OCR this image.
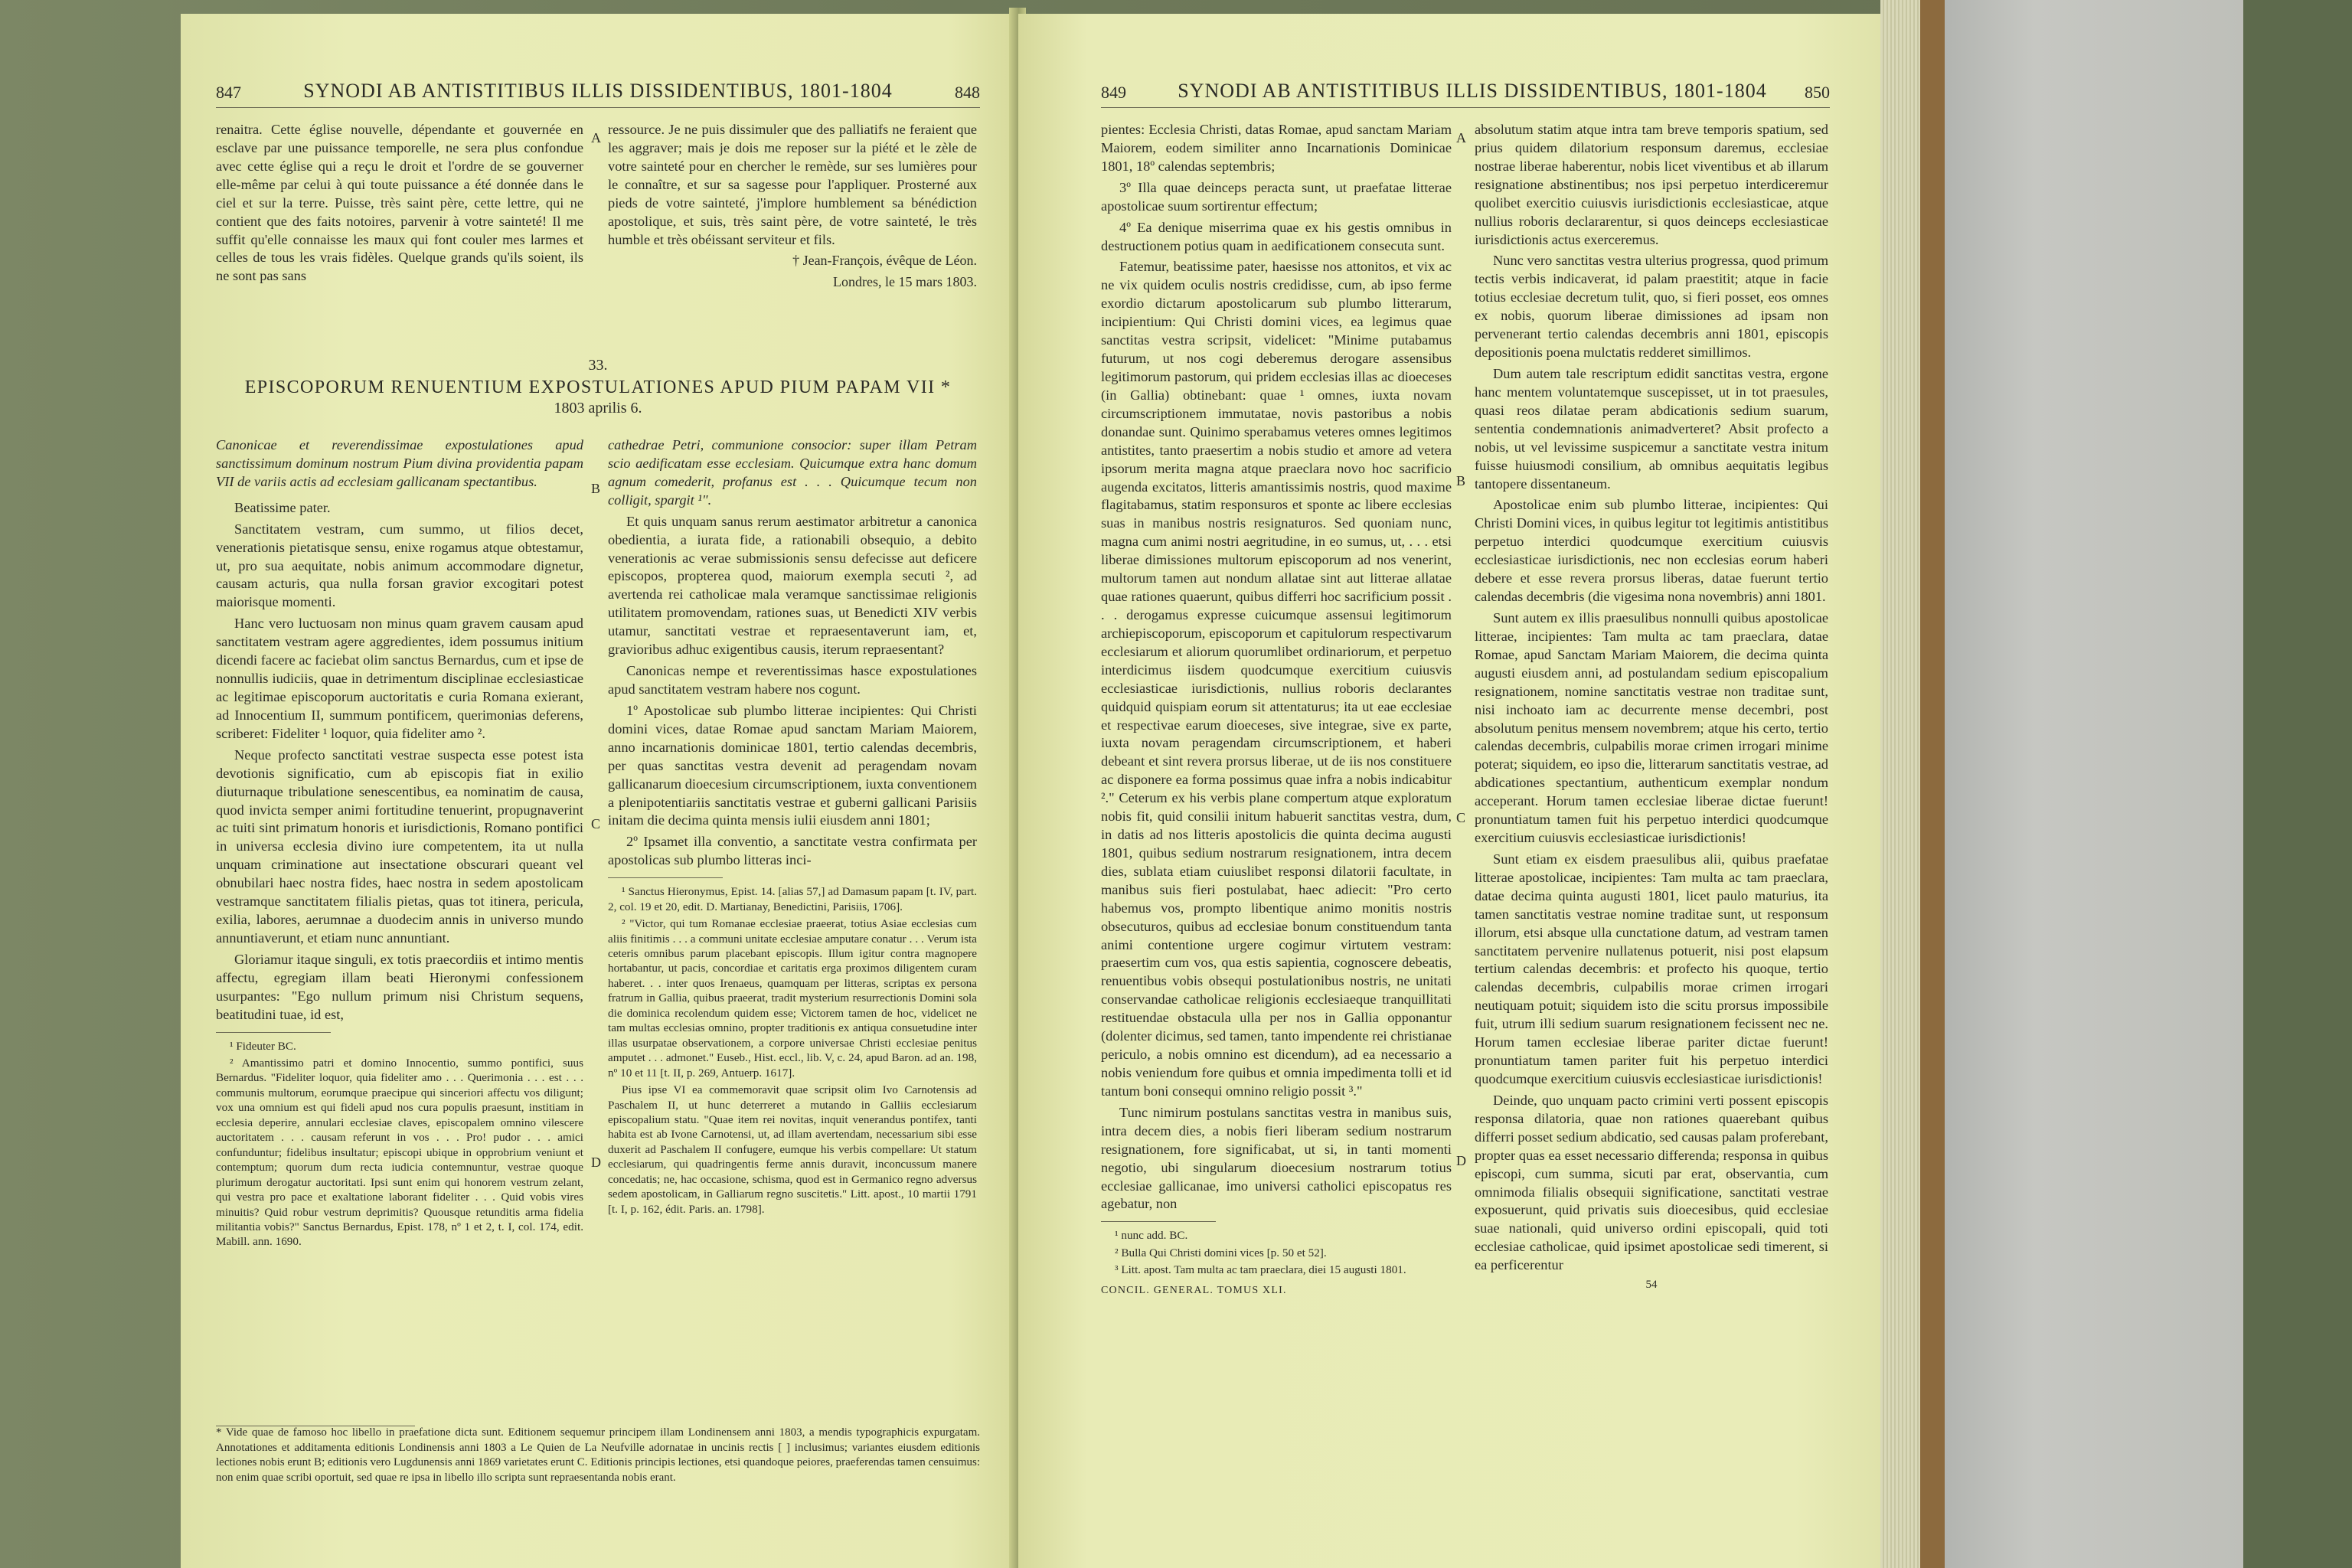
847	SYNODI AB ANTISTITIBUS ILLIS DISSIDENTIBUS, 1801-1804	848

renaitra. Cette église nouvelle, dépendante et gouvernée en esclave par une puissance temporelle, ne sera plus confondue avec cette église qui a reçu le droit et l'ordre de se gouverner elle-même par celui à qui toute puissance a été donnée dans le ciel et sur la terre. Puisse, très saint père, cette lettre, qui ne contient que des faits notoires, parvenir à votre sainteté! Il me suffit qu'elle connaisse les maux qui font couler mes larmes et celles de tous les vrais fidèles. Quelque grands qu'ils soient, ils ne sont pas sans

ressource. Je ne puis dissimuler que des palliatifs ne feraient que les aggraver; mais je dois me reposer sur la piété et le zèle de votre sainteté pour en chercher le remède, sur ses lumières pour le connaître, et sur sa sagesse pour l'appliquer. Prosterné aux pieds de votre sainteté, j'implore humblement sa bénédiction apostolique, et suis, très saint père, de votre sainteté, le très humble et très obéissant serviteur et fils.

† Jean-François, évêque de Léon.

Londres, le 15 mars 1803.

33.
EPISCOPORUM RENUENTIUM EXPOSTULATIONES APUD PIUM PAPAM VII *
1803 aprilis 6.

Canonicae et reverendissimae expostulationes apud sanctissimum dominum nostrum Pium divina providentia papam VII de variis actis ad ecclesiam gallicanam spectantibus.

Beatissime pater.

Sanctitatem vestram, cum summo, ut filios decet, venerationis pietatisque sensu, enixe rogamus atque obtestamur, ut, pro sua aequitate, nobis animum accommodare dignetur, causam acturis, qua nulla forsan gravior excogitari potest maiorisque momenti.

Hanc vero luctuosam non minus quam gravem causam apud sanctitatem vestram agere aggredientes, idem possumus initium dicendi facere ac faciebat olim sanctus Bernardus, cum et ipse de nonnullis iudiciis, quae in detrimentum disciplinae ecclesiasticae ac legitimae episcoporum auctoritatis e curia Romana exierant, ad Innocentium II, summum pontificem, querimonias deferens, scriberet: Fideliter ¹ loquor, quia fideliter amo ².

Neque profecto sanctitati vestrae suspecta esse potest ista devotionis significatio, cum ab episcopis fiat in exilio diuturnaque tribulatione senescentibus, ea nominatim de causa, quod invicta semper animi fortitudine tenuerint, propugnaverint ac tuiti sint primatum honoris et iurisdictionis, Romano pontifici in universa ecclesia divino iure competentem, ita ut nulla unquam criminatione aut insectatione obscurari queant vel obnubilari haec nostra fides, haec nostra in sedem apostolicam vestramque sanctitatem filialis pietas, quas tot itinera, pericula, exilia, labores, aerumnae a duodecim annis in universo mundo annuntiaverunt, et etiam nunc annuntiant.

Gloriamur itaque singuli, ex totis praecordiis et intimo mentis affectu, egregiam illam beati Hieronymi confessionem usurpantes: "Ego nullum primum nisi Christum sequens, beatitudini tuae, id est,

¹ Fideuter BC.

² Amantissimo patri et domino Innocentio, summo pontifici, suus Bernardus. "Fideliter loquor, quia fideliter amo . . . Querimonia . . . est . . . communis multorum, eorumque praecipue qui sinceriori affectu vos diligunt; vox una omnium est qui fideli apud nos cura populis praesunt, institiam in ecclesia deperire, annulari ecclesiae claves, episcopalem omnino vilescere auctoritatem . . . causam referunt in vos . . . Pro! pudor . . . amici confunduntur; fidelibus insultatur; episcopi ubique in opprobrium veniunt et contemptum; quorum dum recta iudicia contemnuntur, vestrae quoque plurimum derogatur auctoritati. Ipsi sunt enim qui honorem vestrum zelant, qui vestra pro pace et exaltatione laborant fideliter . . . Quid vobis vires minuitis? Quid robur vestrum deprimitis? Quousque retunditis arma fidelia militantia vobis?" Sanctus Bernardus, Epist. 178, nº 1 et 2, t. I, col. 174, edit. Mabill. ann. 1690.

cathedrae Petri, communione consocior: super illam Petram scio aedificatam esse ecclesiam. Quicumque extra hanc domum agnum comederit, profanus est . . . Quicumque tecum non colligit, spargit ¹".

Et quis unquam sanus rerum aestimator arbitretur a canonica obedientia, a iurata fide, a rationabili obsequio, a debito venerationis ac verae submissionis sensu defecisse aut deficere episcopos, propterea quod, maiorum exempla secuti ², ad avertenda rei catholicae mala veramque sanctissimae religionis utilitatem promovendam, rationes suas, ut Benedicti XIV verbis utamur, sanctitati vestrae et repraesentaverunt iam, et, gravioribus adhuc exigentibus causis, iterum repraesentant?

Canonicas nempe et reverentissimas hasce expostulationes apud sanctitatem vestram habere nos cogunt.

1º Apostolicae sub plumbo litterae incipientes: Qui Christi domini vices, datae Romae apud sanctam Mariam Maiorem, anno incarnationis dominicae 1801, tertio calendas decembris, per quas sanctitas vestra devenit ad peragendam novam gallicanarum dioecesium circumscriptionem, iuxta conventionem a plenipotentiariis sanctitatis vestrae et guberni gallicani Parisiis initam die decima quinta mensis iulii eiusdem anni 1801;

2º Ipsamet illa conventio, a sanctitate vestra confirmata per apostolicas sub plumbo litteras inci-

¹ Sanctus Hieronymus, Epist. 14. [alias 57,] ad Damasum papam [t. IV, part. 2, col. 19 et 20, edit. D. Martianay, Benedictini, Parisiis, 1706].

² "Victor, qui tum Romanae ecclesiae praeerat, totius Asiae ecclesias cum aliis finitimis . . . a communi unitate ecclesiae amputare conatur . . . Verum ista ceteris omnibus parum placebant episcopis. Illum igitur contra magnopere hortabantur, ut pacis, concordiae et caritatis erga proximos diligentem curam haberet. . . inter quos Irenaeus, quamquam per litteras, scriptas ex persona fratrum in Gallia, quibus praeerat, tradit mysterium resurrectionis Domini sola die dominica recolendum quidem esse; Victorem tamen de hoc, videlicet ne tam multas ecclesias omnino, propter traditionis ex antiqua consuetudine inter illas usurpatae observationem, a corpore universae Christi ecclesiae penitus amputet . . . admonet." Euseb., Hist. eccl., lib. V, c. 24, apud Baron. ad an. 198, nº 10 et 11 [t. II, p. 269, Antuerp. 1617].

Pius ipse VI ea commemoravit quae scripsit olim Ivo Carnotensis ad Paschalem II, ut hunc deterreret a mutando in Galliis ecclesiarum episcopalium statu. "Quae item rei novitas, inquit venerandus pontifex, tanti habita est ab Ivone Carnotensi, ut, ad illam avertendam, necessarium sibi esse duxerit ad Paschalem II confugere, eumque his verbis compellare: Ut statum ecclesiarum, qui quadringentis ferme annis duravit, inconcussum manere concedatis; ne, hac occasione, schisma, quod est in Germanico regno adversus sedem apostolicam, in Galliarum regno suscitetis." Litt. apost., 10 martii 1791 [t. I, p. 162, édit. Paris. an. 1798].

A
B
C
D
* Vide quae de famoso hoc libello in praefatione dicta sunt. Editionem sequemur principem illam Londinensem anni 1803, a mendis typographicis expurgatam. Annotationes et additamenta editionis Londinensis anni 1803 a Le Quien de La Neufville adornatae in uncinis rectis [ ] inclusimus; variantes eiusdem editionis lectiones nobis erunt B; editionis vero Lugdunensis anni 1869 varietates erunt C. Editionis principis lectiones, etsi quandoque peiores, praeferendas tamen censuimus: non enim quae scribi oportuit, sed quae re ipsa in libello illo scripta sunt repraesentanda nobis erant.
849	SYNODI AB ANTISTITIBUS ILLIS DISSIDENTIBUS, 1801-1804	850

pientes: Ecclesia Christi, datas Romae, apud sanctam Mariam Maiorem, eodem similiter anno Incarnationis Dominicae 1801, 18º calendas septembris;

3º Illa quae deinceps peracta sunt, ut praefatae litterae apostolicae suum sortirentur effectum;

4º Ea denique miserrima quae ex his gestis omnibus in destructionem potius quam in aedificationem consecuta sunt.

Fatemur, beatissime pater, haesisse nos attonitos, et vix ac ne vix quidem oculis nostris credidisse, cum, ab ipso ferme exordio dictarum apostolicarum sub plumbo litterarum, incipientium: Qui Christi domini vices, ea legimus quae sanctitas vestra scripsit, videlicet: "Minime putabamus futurum, ut nos cogi deberemus derogare assensibus legitimorum pastorum, qui pridem ecclesias illas ac dioeceses (in Gallia) obtinebant: quae ¹ omnes, iuxta novam circumscriptionem immutatae, novis pastoribus a nobis donandae sunt. Quinimo sperabamus veteres omnes legitimos antistites, tanto praesertim a nobis studio et amore ad vetera ipsorum merita magna atque praeclara novo hoc sacrificio augenda excitatos, litteris amantissimis nostris, quod maxime flagitabamus, statim responsuros et sponte ac libere ecclesias suas in manibus nostris resignaturos. Sed quoniam nunc, magna cum animi nostri aegritudine, in eo sumus, ut, . . . etsi liberae dimissiones multorum episcoporum ad nos venerint, multorum tamen aut nondum allatae sint aut litterae allatae quae rationes quaerunt, quibus differri hoc sacrificium possit . . . derogamus expresse cuicumque assensui legitimorum archiepiscoporum, episcoporum et capitulorum respectivarum ecclesiarum et aliorum quorumlibet ordinariorum, et perpetuo interdicimus iisdem quodcumque exercitium cuiusvis ecclesiasticae iurisdictionis, nullius roboris declarantes quidquid quispiam eorum sit attentaturus; ita ut eae ecclesiae et respectivae earum dioeceses, sive integrae, sive ex parte, iuxta novam peragendam circumscriptionem, et haberi debeant et sint revera prorsus liberae, ut de iis nos constituere ac disponere ea forma possimus quae infra a nobis indicabitur ²." Ceterum ex his verbis plane compertum atque exploratum nobis fit, quid consilii initum habuerit sanctitas vestra, dum, in datis ad nos litteris apostolicis die quinta decima augusti 1801, quibus sedium nostrarum resignationem, intra decem dies, sublata etiam cuiuslibet responsi dilatorii facultate, in manibus suis fieri postulabat, haec adiecit: "Pro certo habemus vos, prompto libentique animo monitis nostris obsecuturos, quibus ad ecclesiae bonum constituendum tanta animi contentione urgere cogimur virtutem vestram: praesertim cum vos, qua estis sapientia, cognoscere debeatis, renuentibus vobis obsequi postulationibus nostris, ne unitati conservandae catholicae religionis ecclesiaeque tranquillitati restituendae obstacula ulla per nos in Gallia opponantur (dolenter dicimus, sed tamen, tanto impendente rei christianae periculo, a nobis omnino est dicendum), ad ea necessario a nobis veniendum fore quibus et omnia impedimenta tolli et id tantum boni consequi omnino religio possit ³."

Tunc nimirum postulans sanctitas vestra in manibus suis, intra decem dies, a nobis fieri liberam sedium nostrarum resignationem, fore significabat, ut si, in tanti momenti negotio, ubi singularum dioecesium nostrarum totius ecclesiae gallicanae, imo universi catholici episcopatus res agebatur, non

¹ nunc add. BC.

² Bulla Qui Christi domini vices [p. 50 et 52].

³ Litt. apost. Tam multa ac tam praeclara, diei 15 augusti 1801.

CONCIL. GENERAL. TOMUS XLI.

absolutum statim atque intra tam breve temporis spatium, sed prius quidem dilatorium responsum daremus, ecclesiae nostrae liberae haberentur, nobis licet viventibus et ab illarum resignatione abstinentibus; nos ipsi perpetuo interdiceremur quolibet exercitio cuiusvis iurisdictionis ecclesiasticae, atque nullius roboris declararentur, si quos deinceps ecclesiasticae iurisdictionis actus exerceremus.

Nunc vero sanctitas vestra ulterius progressa, quod primum tectis verbis indicaverat, id palam praestitit; atque in facie totius ecclesiae decretum tulit, quo, si fieri posset, eos omnes ex nobis, quorum liberae dimissiones ad ipsam non pervenerant tertio calendas decembris anni 1801, episcopis depositionis poena mulctatis redderet simillimos.

Dum autem tale rescriptum edidit sanctitas vestra, ergone hanc mentem voluntatemque suscepisset, ut in tot praesules, quasi reos dilatae peram abdicationis sedium suarum, sententia condemnationis animadverteret? Absit profecto a nobis, ut vel levissime suspicemur a sanctitate vestra initum fuisse huiusmodi consilium, ab omnibus aequitatis legibus tantopere dissentaneum.

Apostolicae enim sub plumbo litterae, incipientes: Qui Christi Domini vices, in quibus legitur tot legitimis antistitibus perpetuo interdici quodcumque exercitium cuiusvis ecclesiasticae iurisdictionis, nec non ecclesias eorum haberi debere et esse revera prorsus liberas, datae fuerunt tertio calendas decembris (die vigesima nona novembris) anni 1801.

Sunt autem ex illis praesulibus nonnulli quibus apostolicae litterae, incipientes: Tam multa ac tam praeclara, datae Romae, apud Sanctam Mariam Maiorem, die decima quinta augusti eiusdem anni, ad postulandam sedium episcopalium resignationem, nomine sanctitatis vestrae non traditae sunt, nisi inchoato iam ac decurrente mense decembri, post absolutum penitus mensem novembrem; atque his certo, tertio calendas decembris, culpabilis morae crimen irrogari minime poterat; siquidem, eo ipso die, litterarum sanctitatis vestrae, ad abdicationes spectantium, authenticum exemplar nondum acceperant. Horum tamen ecclesiae liberae dictae fuerunt! pronuntiatum tamen fuit his perpetuo interdici quodcumque exercitium cuiusvis ecclesiasticae iurisdictionis!

Sunt etiam ex eisdem praesulibus alii, quibus praefatae litterae apostolicae, incipientes: Tam multa ac tam praeclara, datae decima quinta augusti 1801, licet paulo maturius, ita tamen sanctitatis vestrae nomine traditae sunt, ut responsum illorum, etsi absque ulla cunctatione datum, ad vestram tamen sanctitatem pervenire nullatenus potuerit, nisi post elapsum tertium calendas decembris: et profecto his quoque, tertio calendas decembris, culpabilis morae crimen irrogari neutiquam potuit; siquidem isto die scitu prorsus impossibile fuit, utrum illi sedium suarum resignationem fecissent nec ne. Horum tamen ecclesiae liberae pariter dictae fuerunt! pronuntiatum tamen pariter fuit his perpetuo interdici quodcumque exercitium cuiusvis ecclesiasticae iurisdictionis!

Deinde, quo unquam pacto crimini verti possent episcopis responsa dilatoria, quae non rationes quaerebant quibus differri posset sedium abdicatio, sed causas palam proferebant, propter quas ea esset necessario differenda; responsa in quibus episcopi, cum summa, sicuti par erat, observantia, cum omnimoda filialis obsequii significatione, sanctitati vestrae exposuerunt, quid privatis suis dioecesibus, quid ecclesiae suae nationali, quid universo ordini episcopali, quid toti ecclesiae catholicae, quid ipsimet apostolicae sedi timerent, si ea perficerentur

54

A
B
C
D
